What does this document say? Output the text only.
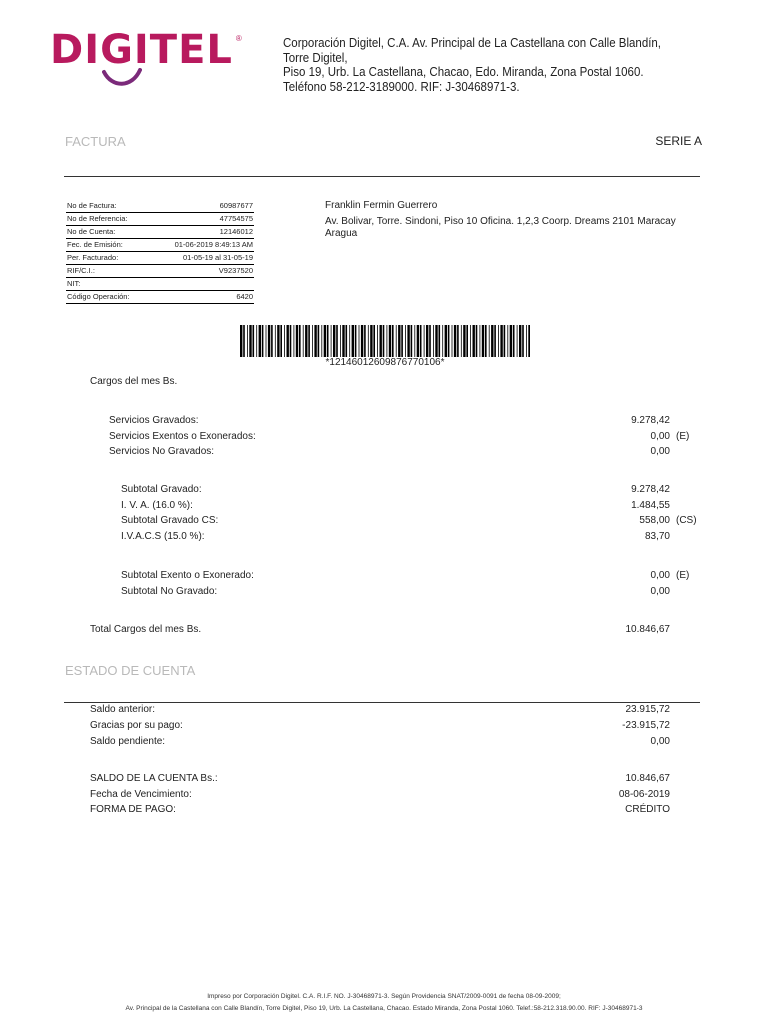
DIGITEL ®	Corporación Digitel, C.A. Av. Principal de La Castellana con Calle Blandín, Torre Digitel,
Piso 19, Urb. La Castellana, Chacao, Edo. Miranda, Zona Postal 1060.
Teléfono 58-212-3189000. RIF: J-30468971-3.
FACTURA	SERIE A
No de Factura:	60987677
No de Referencia:	47754575
No de Cuenta:	12146012
Fec. de Emisión:	01-06-2019 8:49:13 AM
Per. Facturado:	01-05-19 al 31-05-19
RIF/C.I.:	V9237520
NIT:	
Código Operación:	6420
Franklin Fermin Guerrero
Av. Bolivar, Torre. Sindoni, Piso 10 Oficina. 1,2,3 Coorp. Dreams 2101 Maracay
Aragua
*1214601260987677010​6*
Cargos del mes Bs.
Servicios Gravados:	9.278,42
Servicios Exentos o Exonerados:	0,00 (E)
Servicios No Gravados:	0,00
Subtotal Gravado:	9.278,42
I. V. A. (16.0 %):	1.484,55
Subtotal Gravado CS:	558,00 (CS)
I.V.A.C.S (15.0 %):	83,70
Subtotal Exento o Exonerado:	0,00 (E)
Subtotal No Gravado:	0,00
Total Cargos del mes Bs.	10.846,67
ESTADO DE CUENTA
Saldo anterior:	23.915,72
Gracias por su pago:	-23.915,72
Saldo pendiente:	0,00
SALDO DE LA CUENTA Bs.:	10.846,67
Fecha de Vencimiento:	08-06-2019
FORMA DE PAGO:	CRÉDITO
Impreso por Corporación Digitel. C.A. R.I.F. NO. J-30468971-3. Según Providencia SNAT/2009-0091 de fecha 08-09-2009;
Av. Principal de la Castellana con Calle Blandín, Torre Digitel, Piso 19, Urb. La Castellana, Chacao. Estado Miranda, Zona Postal 1060. Telef.:58-212.318.90.00. RIF: J-30468971-3
